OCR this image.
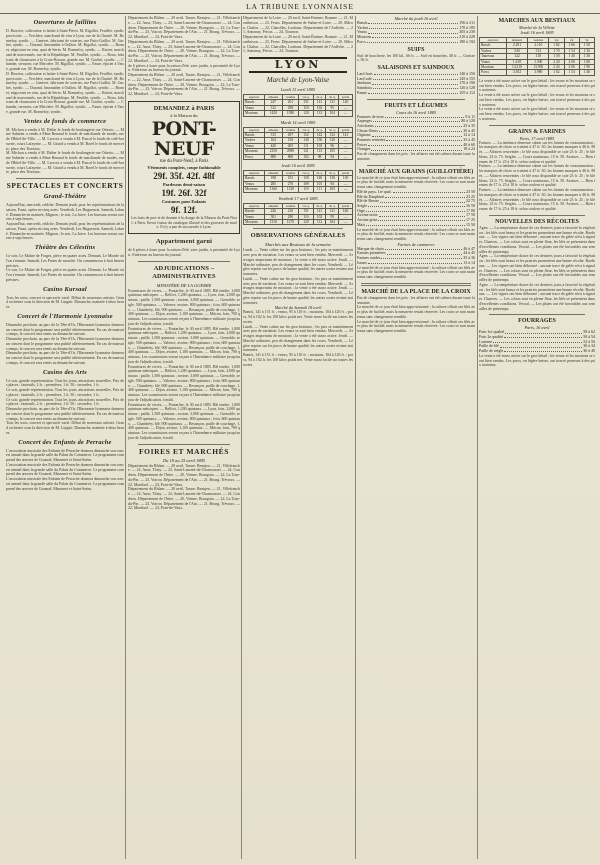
LA TRIBUNE LYONNAISE
Ouvertures de faillites
D. Bouvier, cultivateur et laitier à Saint-Priest. M. Rigollot, Feuillet, syndic provisoire. — Verchère, marchand de vins à Lyon, rue de la Charité. M. Bonnefoy, syndic. — Ganivet, fabricant de soieries, rue Puits-Gaillot. M. Gachet, syndic. — Durand, limonadier à Oullins. M. Rigollot, syndic. — Bonnet, négociant en vins, quai de Serin. M. Bonnefoy, syndic. — Ravier, marchand de nouveautés, rue de la République. M. Feuillet, syndic. — Roux, fabricant de chaussures à la Croix-Rousse, grande rue. M. Gachet, syndic. — Chambe, serrurier, rue Mercière. M. Rigollot, syndic. — Faure, épicier à Vaise, grande rue. M. Bonnefoy, syndic.
D. Bouvier, cultivateur et laitier à Saint-Priest. M. Rigollot, Feuillet, syndic provisoire. — Verchère, marchand de vins à Lyon, rue de la Charité. M. Bonnefoy, syndic. — Ganivet, fabricant de soieries, rue Puits-Gaillot. M. Gachet, syndic. — Durand, limonadier à Oullins. M. Rigollot, syndic. — Bonnet, négociant en vins, quai de Serin. M. Bonnefoy, syndic. — Ravier, marchand de nouveautés, rue de la République. M. Feuillet, syndic. — Roux, fabricant de chaussures à la Croix-Rousse, grande rue. M. Gachet, syndic. — Chambe, serrurier, rue Mercière. M. Rigollot, syndic. — Faure, épicier à Vaise, grande rue. M. Bonnefoy, syndic.
Ventes de fonds de commerce
M. Michon a vendu à M. Didier le fonds de boulangerie rue Ottavio. — Mme Sabatier a vendu à Mme Renaud le fonds de marchande de modes, rue de l'Hôtel-de-Ville. — M. Lacroix a vendu à M. Pascal le fonds de café-brasserie, cours Lafayette. — M. Girard a vendu à M. Borel le fonds de mercerie, place des Terreaux.
M. Michon a vendu à M. Didier le fonds de boulangerie rue Ottavio. — Mme Sabatier a vendu à Mme Renaud le fonds de marchande de modes, rue de l'Hôtel-de-Ville. — M. Lacroix a vendu à M. Pascal le fonds de café-brasserie, cours Lafayette. — M. Girard a vendu à M. Borel le fonds de mercerie, place des Terreaux.
SPECTACLES ET CONCERTS
Grand-Théâtre
Aujourd'hui, mercredi, relâche. Demain jeudi, pour les représentations de la saison, Faust, opéra en cinq actes. Vendredi, Les Huguenots. Samedi, Lakmé. Dimanche en matinée, Mignon ; le soir, La Juive. Les bureaux seront ouverts à sept heures.
Aujourd'hui, mercredi, relâche. Demain jeudi, pour les représentations de la saison, Faust, opéra en cinq actes. Vendredi, Les Huguenots. Samedi, Lakmé. Dimanche en matinée, Mignon ; le soir, La Juive. Les bureaux seront ouverts à sept heures.
Théâtre des Célestins
Ce soir, Le Maître de Forges, pièce en quatre actes. Demain, Le Monde où l'on s'ennuie. Samedi, Les Pattes de mouche. On commencera à huit heures précises.
Ce soir, Le Maître de Forges, pièce en quatre actes. Demain, Le Monde où l'on s'ennuie. Samedi, Les Pattes de mouche. On commencera à huit heures précises.
Casino Kursaal
Tous les soirs, concert et spectacle varié. Début de nouveaux artistes. Grand orchestre sous la direction de M. Luigini. Dimanche, matinée à deux heures.
Concert de l'Harmonie Lyonnaise
Dimanche prochain, au parc de la Tête-d'Or, l'Harmonie lyonnaise donnera un concert dont le programme sera publié ultérieurement. En cas de mauvais temps, le concert sera remis au dimanche suivant.
Dimanche prochain, au parc de la Tête-d'Or, l'Harmonie lyonnaise donnera un concert dont le programme sera publié ultérieurement. En cas de mauvais temps, le concert sera remis au dimanche suivant.
Dimanche prochain, au parc de la Tête-d'Or, l'Harmonie lyonnaise donnera un concert dont le programme sera publié ultérieurement. En cas de mauvais temps, le concert sera remis au dimanche suivant.
Casino des Arts
Ce soir, grande représentation. Tous les jours, attractions nouvelles. Prix des places : fauteuils, 2 fr. ; premières, 1 fr. 50 ; secondes, 1 fr.
Ce soir, grande représentation. Tous les jours, attractions nouvelles. Prix des places : fauteuils, 2 fr. ; premières, 1 fr. 50 ; secondes, 1 fr.
Ce soir, grande représentation. Tous les jours, attractions nouvelles. Prix des places : fauteuils, 2 fr. ; premières, 1 fr. 50 ; secondes, 1 fr.
Dimanche prochain, au parc de la Tête-d'Or, l'Harmonie lyonnaise donnera un concert dont le programme sera publié ultérieurement. En cas de mauvais temps, le concert sera remis au dimanche suivant.
Tous les soirs, concert et spectacle varié. Début de nouveaux artistes. Grand orchestre sous la direction de M. Luigini. Dimanche, matinée à deux heures.
Concert des Enfants de Perrache
L'association musicale des Enfants de Perrache donnera dimanche son concert annuel dans la grande salle du Palais du Commerce. Le programme comprend des œuvres de Gounod, Massenet et Saint-Saëns.
L'association musicale des Enfants de Perrache donnera dimanche son concert annuel dans la grande salle du Palais du Commerce. Le programme comprend des œuvres de Gounod, Massenet et Saint-Saëns.
L'association musicale des Enfants de Perrache donnera dimanche son concert annuel dans la grande salle du Palais du Commerce. Le programme comprend des œuvres de Gounod, Massenet et Saint-Saëns.
Département du Rhône. — 20 avril, Tarare, Beaujeu. — 21, Villefranche. — 22, Anse, Thizy. — 23, Saint-Laurent-de-Chamousset. — 24, Condrieu. Département de l'Isère. — 20, Vienne, Bourgoin. — 22, La Tour-du-Pin. — 23, Voiron. Département de l'Ain. — 21, Bourg, Trévoux. — 22, Montluel. — 24, Pont-de-Vaux.
Département du Rhône. — 20 avril, Tarare, Beaujeu. — 21, Villefranche. — 22, Anse, Thizy. — 23, Saint-Laurent-de-Chamousset. — 24, Condrieu. Département de l'Isère. — 20, Vienne, Bourgoin. — 22, La Tour-du-Pin. — 23, Voiron. Département de l'Ain. — 21, Bourg, Trévoux. — 22, Montluel. — 24, Pont-de-Vaux.
de 6 pièces à louer pour la saison d'été, avec jardin, à proximité de Lyon. S'adresser au bureau du journal.
Département du Rhône. — 20 avril, Tarare, Beaujeu. — 21, Villefranche. — 22, Anse, Thizy. — 23, Saint-Laurent-de-Chamousset. — 24, Condrieu. Département de l'Isère. — 20, Vienne, Bourgoin. — 22, La Tour-du-Pin. — 23, Voiron. Département de l'Ain. — 21, Bourg, Trévoux. — 22, Montluel. — 24, Pont-de-Vaux.
DEMANDEZ à PARIS
à la Maison du
PONT-NEUF
rue du Pont-Neuf, à Paris
Vêtements complets, coupe fashionable
29f. 35f. 42f. 48f
Pardessus demi-saison
19f. 26f. 32f
Costumes pour Enfants
9f. 12f.
Les frais de port et de douane à la charge de la Maison du Pont-Neuf, à Paris. Envoi franco du catalogue illustré et des gravures de mode. Il n'y a pas de succursale à Lyon.
Appartement garni
de 6 pièces à louer pour la saison d'été, avec jardin, à proximité de Lyon. S'adresser au bureau du journal.
ADJUDICATIONS – ADMINISTRATIVES
MINISTÈRE DE LA GUERRE
Fournitures de vivres. — Pontarlier, le 30 avril 1885. Blé tendre, 1,000 quintaux métriques. — Belfort, 1,200 quintaux. — Lyon, foin, 2,000 quintaux ; paille, 1,500 quintaux ; avoine, 3,000 quintaux. — Grenoble, seigle, 500 quintaux. — Valence, avoine, 800 quintaux ; foin, 600 quintaux. — Chambéry, blé, 900 quintaux. — Besançon, paille de couchage, 1,400 quintaux. — Dijon, avoine, 1,100 quintaux. — Mâcon, foin, 700 quintaux. Les soumissions seront reçues à l'Intendance militaire jusqu'au jour de l'adjudication, à midi.
Fournitures de vivres. — Pontarlier, le 30 avril 1885. Blé tendre, 1,000 quintaux métriques. — Belfort, 1,200 quintaux. — Lyon, foin, 2,000 quintaux ; paille, 1,500 quintaux ; avoine, 3,000 quintaux. — Grenoble, seigle, 500 quintaux. — Valence, avoine, 800 quintaux ; foin, 600 quintaux. — Chambéry, blé, 900 quintaux. — Besançon, paille de couchage, 1,400 quintaux. — Dijon, avoine, 1,100 quintaux. — Mâcon, foin, 700 quintaux. Les soumissions seront reçues à l'Intendance militaire jusqu'au jour de l'adjudication, à midi.
Fournitures de vivres. — Pontarlier, le 30 avril 1885. Blé tendre, 1,000 quintaux métriques. — Belfort, 1,200 quintaux. — Lyon, foin, 2,000 quintaux ; paille, 1,500 quintaux ; avoine, 3,000 quintaux. — Grenoble, seigle, 500 quintaux. — Valence, avoine, 800 quintaux ; foin, 600 quintaux. — Chambéry, blé, 900 quintaux. — Besançon, paille de couchage, 1,400 quintaux. — Dijon, avoine, 1,100 quintaux. — Mâcon, foin, 700 quintaux. Les soumissions seront reçues à l'Intendance militaire jusqu'au jour de l'adjudication, à midi.
Fournitures de vivres. — Pontarlier, le 30 avril 1885. Blé tendre, 1,000 quintaux métriques. — Belfort, 1,200 quintaux. — Lyon, foin, 2,000 quintaux ; paille, 1,500 quintaux ; avoine, 3,000 quintaux. — Grenoble, seigle, 500 quintaux. — Valence, avoine, 800 quintaux ; foin, 600 quintaux. — Chambéry, blé, 900 quintaux. — Besançon, paille de couchage, 1,400 quintaux. — Dijon, avoine, 1,100 quintaux. — Mâcon, foin, 700 quintaux. Les soumissions seront reçues à l'Intendance militaire jusqu'au jour de l'adjudication, à midi.
FOIRES ET MARCHÉS
Du 18 au 25 avril 1885
Département du Rhône. — 20 avril, Tarare, Beaujeu. — 21, Villefranche. — 22, Anse, Thizy. — 23, Saint-Laurent-de-Chamousset. — 24, Condrieu. Département de l'Isère. — 20, Vienne, Bourgoin. — 22, La Tour-du-Pin. — 23, Voiron. Département de l'Ain. — 21, Bourg, Trévoux. — 22, Montluel. — 24, Pont-de-Vaux.
Département du Rhône. — 20 avril, Tarare, Beaujeu. — 21, Villefranche. — 22, Anse, Thizy. — 23, Saint-Laurent-de-Chamousset. — 24, Condrieu. Département de l'Isère. — 20, Vienne, Bourgoin. — 22, La Tour-du-Pin. — 23, Voiron. Département de l'Ain. — 21, Bourg, Trévoux. — 22, Montluel. — 24, Pont-de-Vaux.
Département de la Loire. — 20 avril, Saint-Étienne, Roanne. — 21, Montbrison. — 23, Feurs. Département de Saône-et-Loire. — 20, Mâcon, Chalon. — 22, Charolles, Louhans. Département de l'Ardèche. — 21, Annonay, Privas. — 24, Tournon.
Département de la Loire. — 20 avril, Saint-Étienne, Roanne. — 21, Montbrison. — 23, Feurs. Département de Saône-et-Loire. — 20, Mâcon, Chalon. — 22, Charolles, Louhans. Département de l'Ardèche. — 21, Annonay, Privas. — 24, Tournon.
LYON
Marché de Lyon-Vaise
Lundi 13 avril 1885
espèces	amenés	vendus	1re q.	2e q.	3e q.	poids
Bœufs	247	201	151	141	131	140
Veaux	312	298	110	102	95	—
Moutons	1420	1380	120	112	104	—
Mardi 14 avril 1885
espèces	amenés	vendus	1re q.	2e q.	3e q.	poids
Bœufs	315	297	152	142	132	141
Vaches	164	150	140	130	120	—
Veaux	420	405	111	103	96	—
Moutons	2150	2090	121	113	105	—
Porcs	880	860	102	98	94	—
Jeudi 16 avril 1885
espèces	amenés	vendus	1re q.	2e q.	3e q.	poids
Bœufs	198	181	150	140	130	139
Veaux	285	270	109	101	94	—
Moutons	1160	1120	119	111	103	—
Vendredi 17 avril 1885
espèces	amenés	vendus	1re q.	2e q.	3e q.	poids
Bœufs	226	210	151	141	131	140
Veaux	301	290	110	102	95	—
Moutons	1310	1270	120	112	104	—
OBSERVATIONS GÉNÉRALES
Marchés aux Bestiaux de la semaine
Lundi. — Vente calme sur les gros bestiaux ; les prix se maintiennent avec peu de variation. Les veaux se sont bien vendus. Mercredi. — Arrivages importants de moutons ; la vente a été assez active. Jeudi. — Marché ordinaire, peu de changement dans les cours. Vendredi. — Légère reprise sur les porcs de bonne qualité, les autres sortes restent stationnaires.
Lundi. — Vente calme sur les gros bestiaux ; les prix se maintiennent avec peu de variation. Les veaux se sont bien vendus. Mercredi. — Arrivages importants de moutons ; la vente a été assez active. Jeudi. — Marché ordinaire, peu de changement dans les cours. Vendredi. — Légère reprise sur les porcs de bonne qualité, les autres sortes restent stationnaires.
Marché du Samedi 18 avril
Bœufs, 141 à 151 fr. ; veaux, 95 à 110 fr. ; moutons, 104 à 120 fr. ; porcs, 94 à 102 fr. les 100 kilos poids net. Vente assez facile sur toutes les sortes.
Lundi. — Vente calme sur les gros bestiaux ; les prix se maintiennent avec peu de variation. Les veaux se sont bien vendus. Mercredi. — Arrivages importants de moutons ; la vente a été assez active. Jeudi. — Marché ordinaire, peu de changement dans les cours. Vendredi. — Légère reprise sur les porcs de bonne qualité, les autres sortes restent stationnaires.
Bœufs, 141 à 151 fr. ; veaux, 95 à 110 fr. ; moutons, 104 à 120 fr. ; porcs, 94 à 102 fr. les 100 kilos poids net. Vente assez facile sur toutes les sortes.
Marché du jeudi 16 avril
Bœufs	196 à 211
Vaches	170 à 185
Veaux	205 à 230
Moutons	210 à 228
Porcs	180 à 192
SUIFS
Suif de boucherie, les 100 kil., 66 fr. — Suif en branches, 48 fr. — Graisses, 56 fr.
SALAISONS ET SAINDOUX
Lard frais	140 à 150
Lard salé	145 à 155
Jambons	170 à 190
Saindoux	120 à 128
Panne	105 à 112
FRUITS ET LÉGUMES
Cours du 16 avril 1885
Pommes de terre	9 à 11
Asperges	80 à 120
Artichauts	25 à 35
Choux-fleurs	30 à 45
Oignons	12 à 14
Pommes reinettes	35 à 45
Poires	40 à 60
Oranges	18 à 24
Pas de changement dans les prix ; les affaires ont été calmes durant toute la semaine.
MARCHÉ AUX GRAINS (GUILLOTIÈRE)
Le marché de ce jour était bien approvisionné ; la culture offrait ses blés avec plus de facilité, mais la meunerie restait réservée. Les cours se sont maintenus sans changement sensible.
Blé de pays, 1re qual.	23 50
Blé du Dauphiné	23 25
Blé de Bresse	22 75
Seigle	16 50
Orge	17 00
Avoine noire	17 50
Avoine grise	17 25
Maïs	15 50
Le marché de ce jour était bien approvisionné ; la culture offrait ses blés avec plus de facilité, mais la meunerie restait réservée. Les cours se sont maintenus sans changement sensible.
Farines de commerce
Marque de choix	46 à 47
Farines premières	44 à 45
Farines rondes	35 à 36
Issues	13 à 14
Le marché de ce jour était bien approvisionné ; la culture offrait ses blés avec plus de facilité, mais la meunerie restait réservée. Les cours se sont maintenus sans changement sensible.
MARCHÉ DE LA PLACE DE LA CROIX
Pas de changement dans les prix ; les affaires ont été calmes durant toute la semaine.
Le marché de ce jour était bien approvisionné ; la culture offrait ses blés avec plus de facilité, mais la meunerie restait réservée. Les cours se sont maintenus sans changement sensible.
Le marché de ce jour était bien approvisionné ; la culture offrait ses blés avec plus de facilité, mais la meunerie restait réservée. Les cours se sont maintenus sans changement sensible.
MARCHES AUX BESTIAUX
Marché de la Villette
Jeudi 16 avril 1885
espèces	amenés	vendus	1re	2e	3e
Bœufs	2.291	2.110	1 82	1 66	1 50
Vaches	540	512	1 70	1 54	1 36
Taureaux	122	118	1 50	1 40	1 30
Veaux	1.418	1.390	2 20	2 00	1 80
Moutons	14.210	13.950	2 24	2 06	1 90
Porcs	4.102	3.980	1 62	1 54	1 46
La vente a été assez active sur le gros bétail ; les veaux et les moutons se sont bien vendus. Les porcs, en légère baisse, ont trouvé preneurs à des prix soutenus.
La vente a été assez active sur le gros bétail ; les veaux et les moutons se sont bien vendus. Les porcs, en légère baisse, ont trouvé preneurs à des prix soutenus.
La vente a été assez active sur le gros bétail ; les veaux et les moutons se sont bien vendus. Les porcs, en légère baisse, ont trouvé preneurs à des prix soutenus.
GRAINS & FARINES
Paris, 17 avril 1885
Farines. — La tendance demeure calme sur les farines de consommation ; les marques de choix se traitent à 47 fr. 50, les bonnes marques à 46 fr. Blés. — Affaires restreintes ; le blé roux disponible se cote 23 fr. 25 ; le blé blanc, 23 fr. 75. Seigles. — Cours nominaux, 15 fr. 50. Avoines. — Bien tenues de 17 fr. 25 à 18 fr. selon couleur et qualité.
Farines. — La tendance demeure calme sur les farines de consommation ; les marques de choix se traitent à 47 fr. 50, les bonnes marques à 46 fr. Blés. — Affaires restreintes ; le blé roux disponible se cote 23 fr. 25 ; le blé blanc, 23 fr. 75. Seigles. — Cours nominaux, 15 fr. 50. Avoines. — Bien tenues de 17 fr. 25 à 18 fr. selon couleur et qualité.
Farines. — La tendance demeure calme sur les farines de consommation ; les marques de choix se traitent à 47 fr. 50, les bonnes marques à 46 fr. Blés. — Affaires restreintes ; le blé roux disponible se cote 23 fr. 25 ; le blé blanc, 23 fr. 75. Seigles. — Cours nominaux, 15 fr. 50. Avoines. — Bien tenues de 17 fr. 25 à 18 fr. selon couleur et qualité.
NOUVELLES DES RÉCOLTES
Agen. — La température douce de ces derniers jours a favorisé la végétation ; les blés sont beaux et les prairies promettent une bonne récolte. Bordeaux. — Les vignes ont bien débourré ; aucune trace de gelée n'est à signaler. Chartres. — Les colzas sont en pleine fleur, les blés se présentent dans d'excellentes conditions. Vesoul. — Les pluies ont été favorables aux semailles de printemps.
Agen. — La température douce de ces derniers jours a favorisé la végétation ; les blés sont beaux et les prairies promettent une bonne récolte. Bordeaux. — Les vignes ont bien débourré ; aucune trace de gelée n'est à signaler. Chartres. — Les colzas sont en pleine fleur, les blés se présentent dans d'excellentes conditions. Vesoul. — Les pluies ont été favorables aux semailles de printemps.
Agen. — La température douce de ces derniers jours a favorisé la végétation ; les blés sont beaux et les prairies promettent une bonne récolte. Bordeaux. — Les vignes ont bien débourré ; aucune trace de gelée n'est à signaler. Chartres. — Les colzas sont en pleine fleur, les blés se présentent dans d'excellentes conditions. Vesoul. — Les pluies ont été favorables aux semailles de printemps.
FOURRAGES
Paris, 16 avril
Foin 1re qualité	58 à 62
Foin 2e qualité	50 à 54
Luzerne	52 à 56
Paille de blé	30 à 34
Paille de seigle	36 à 40
La vente a été assez active sur le gros bétail ; les veaux et les moutons se sont bien vendus. Les porcs, en légère baisse, ont trouvé preneurs à des prix soutenus.
